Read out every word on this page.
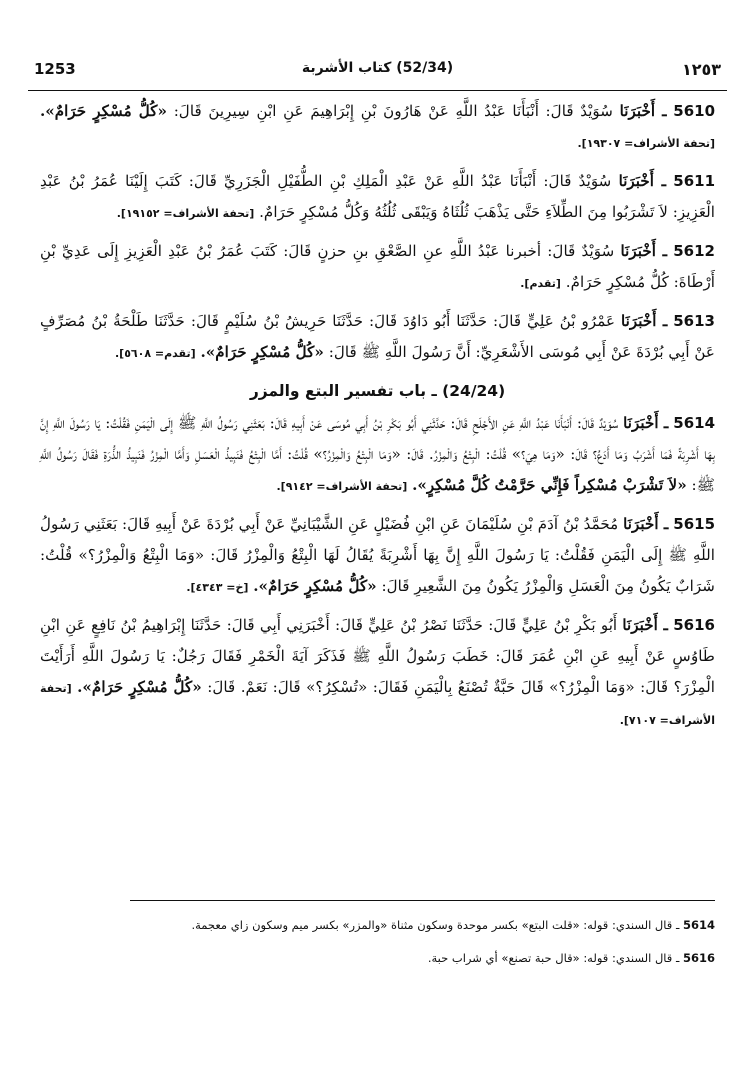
1253	(52/34) كتاب الأشربة	١٢٥٣

5610 ـ أَخْبَرَنَا سُوَيْدٌ قَالَ: أَنْبَأَنَا عَبْدُ اللَّهِ عَنْ هَارُونَ بْنِ إِبْرَاهِيمَ عَنِ ابْنِ سِيرِينَ قَالَ: «كُلُّ مُسْكِرٍ حَرَامٌ». [تحفة الأشراف= ١٩٣٠٧].

5611 ـ أَخْبَرَنَا سُوَيْدٌ قَالَ: أَنْبَأَنَا عَبْدُ اللَّهِ عَنْ عَبْدِ الْمَلِكِ بْنِ الطُّفَيْلِ الْجَزَرِيِّ قَالَ: كَتَبَ إِلَيْنَا عُمَرُ بْنُ عَبْدِ الْعَزِيزِ: لاَ تَشْرَبُوا مِنَ الطِّلاَءِ حَتَّى يَذْهَبَ ثُلُثَاهُ وَيَبْقَى ثُلُثُهُ وَكُلُّ مُسْكِرٍ حَرَامٌ. [تحفة الأشراف= ١٩١٥٢].

5612 ـ أَخْبَرَنَا سُوَيْدٌ قَالَ: أخبرنا عَبْدُ اللَّهِ عنِ الصَّعْقِ بنِ حزنٍ قَالَ: كَتَبَ عُمَرُ بْنُ عَبْدِ الْعَزِيزِ إِلَى عَدِيِّ بْنِ أَرْطَاةَ: كُلُّ مُسْكِرٍ حَرَامٌ. [تقدم].

5613 ـ أَخْبَرَنَا عَمْرُو بْنُ عَلِيٍّ قَالَ: حَدَّثَنَا أَبُو دَاوُدَ قَالَ: حَدَّثَنَا حَرِيشُ بْنُ سُلَيْمٍ قَالَ: حَدَّثَنَا طَلْحَةُ بْنُ مُصَرِّفٍ عَنْ أَبِي بُرْدَةَ عَنْ أَبِي مُوسَى الأَشْعَرِيِّ: أَنَّ رَسُولَ اللَّهِ ﷺ قَالَ: «كُلُّ مُسْكِرٍ حَرَامٌ». [تقدم= ٥٦٠٨].

(24/24) ـ باب تفسير البتع والمزر

5614 ـ أَخْبَرَنَا سُوَيْدٌ قَالَ: أَنْبَأَنَا عَبْدُ اللَّهِ عَنِ الأَجْلَحِ قَالَ: حَدَّثَنِي أَبُو بَكْرِ بْنُ أَبِي مُوسَى عَنْ أَبِيهِ قَالَ: بَعَثَنِي رَسُولُ اللَّهِ ﷺ إِلَى الْيَمَنِ فَقُلْتُ: يَا رَسُولَ اللَّهِ إِنَّ بِهَا أَشْرِبَةً فَمَا أَشْرَبُ وَمَا أَدَعُ؟ قَالَ: «وَمَا هِيَ؟» قُلْتُ: الْبِتْعُ وَالْمِزْرُ. قَالَ: «وَمَا الْبِتْعُ وَالْمِزْرُ؟» قُلْتُ: أَمَّا الْبِتْعُ فَنَبِيذُ الْعَسَلِ وَأَمَّا الْمِزْرُ فَنَبِيذُ الذُّرَةِ فَقَالَ رَسُولُ اللَّهِ ﷺ: «لاَ تَشْرَبْ مُسْكِراً فَإِنِّي حَرَّمْتُ كُلَّ مُسْكِرٍ». [تحفة الأشراف= ٩١٤٢].

5615 ـ أَخْبَرَنَا مُحَمَّدُ بْنُ آدَمَ بْنِ سُلَيْمَانَ عَنِ ابْنِ فُضَيْلٍ عَنِ الشَّيْبَانِيِّ عَنْ أَبِي بُرْدَةَ عَنْ أَبِيهِ قَالَ: بَعَثَنِي رَسُولُ اللَّهِ ﷺ إِلَى الْيَمَنِ فَقُلْتُ: يَا رَسُولَ اللَّهِ إِنَّ بِهَا أَشْرِبَةً يُقَالُ لَهَا الْبِتْعُ وَالْمِزْرُ قَالَ: «وَمَا الْبِتْعُ وَالْمِزْرُ؟» قُلْتُ: شَرَابٌ يَكُونُ مِنَ الْعَسَلِ وَالْمِزْرُ يَكُونُ مِنَ الشَّعِيرِ قَالَ: «كُلُّ مُسْكِرٍ حَرَامٌ». [خ= ٤٣٤٣].

5616 ـ أَخْبَرَنَا أَبُو بَكْرِ بْنُ عَلِيٍّ قَالَ: حَدَّثَنَا نَصْرُ بْنُ عَلِيٍّ قَالَ: أَخْبَرَنِي أَبِي قَالَ: حَدَّثَنَا إِبْرَاهِيمُ بْنُ نَافِعٍ عَنِ ابْنِ طَاوُسٍ عَنْ أَبِيهِ عَنِ ابْنِ عُمَرَ قَالَ: خَطَبَ رَسُولُ اللَّهِ ﷺ فَذَكَرَ آيَةَ الْخَمْرِ فَقَالَ رَجُلٌ: يَا رَسُولَ اللَّهِ أَرَأَيْتَ الْمِزْرَ؟ قَالَ: «وَمَا الْمِزْرُ؟» قَالَ حَبَّةٌ تُصْنَعُ بِالْيَمَنِ فَقَالَ: «تُسْكِرُ؟» قَالَ: نَعَمْ. قَالَ: «كُلُّ مُسْكِرٍ حَرَامٌ». [تحفة الأشراف= ٧١٠٧].

5614 ـ قال السندي: قوله: «قلت البتع» بكسر موحدة وسكون مثناة «والمزر» بكسر ميم وسكون زاي معجمة.

5616 ـ قال السندي: قوله: «قال حبة تصنع» أي شراب حبة.
